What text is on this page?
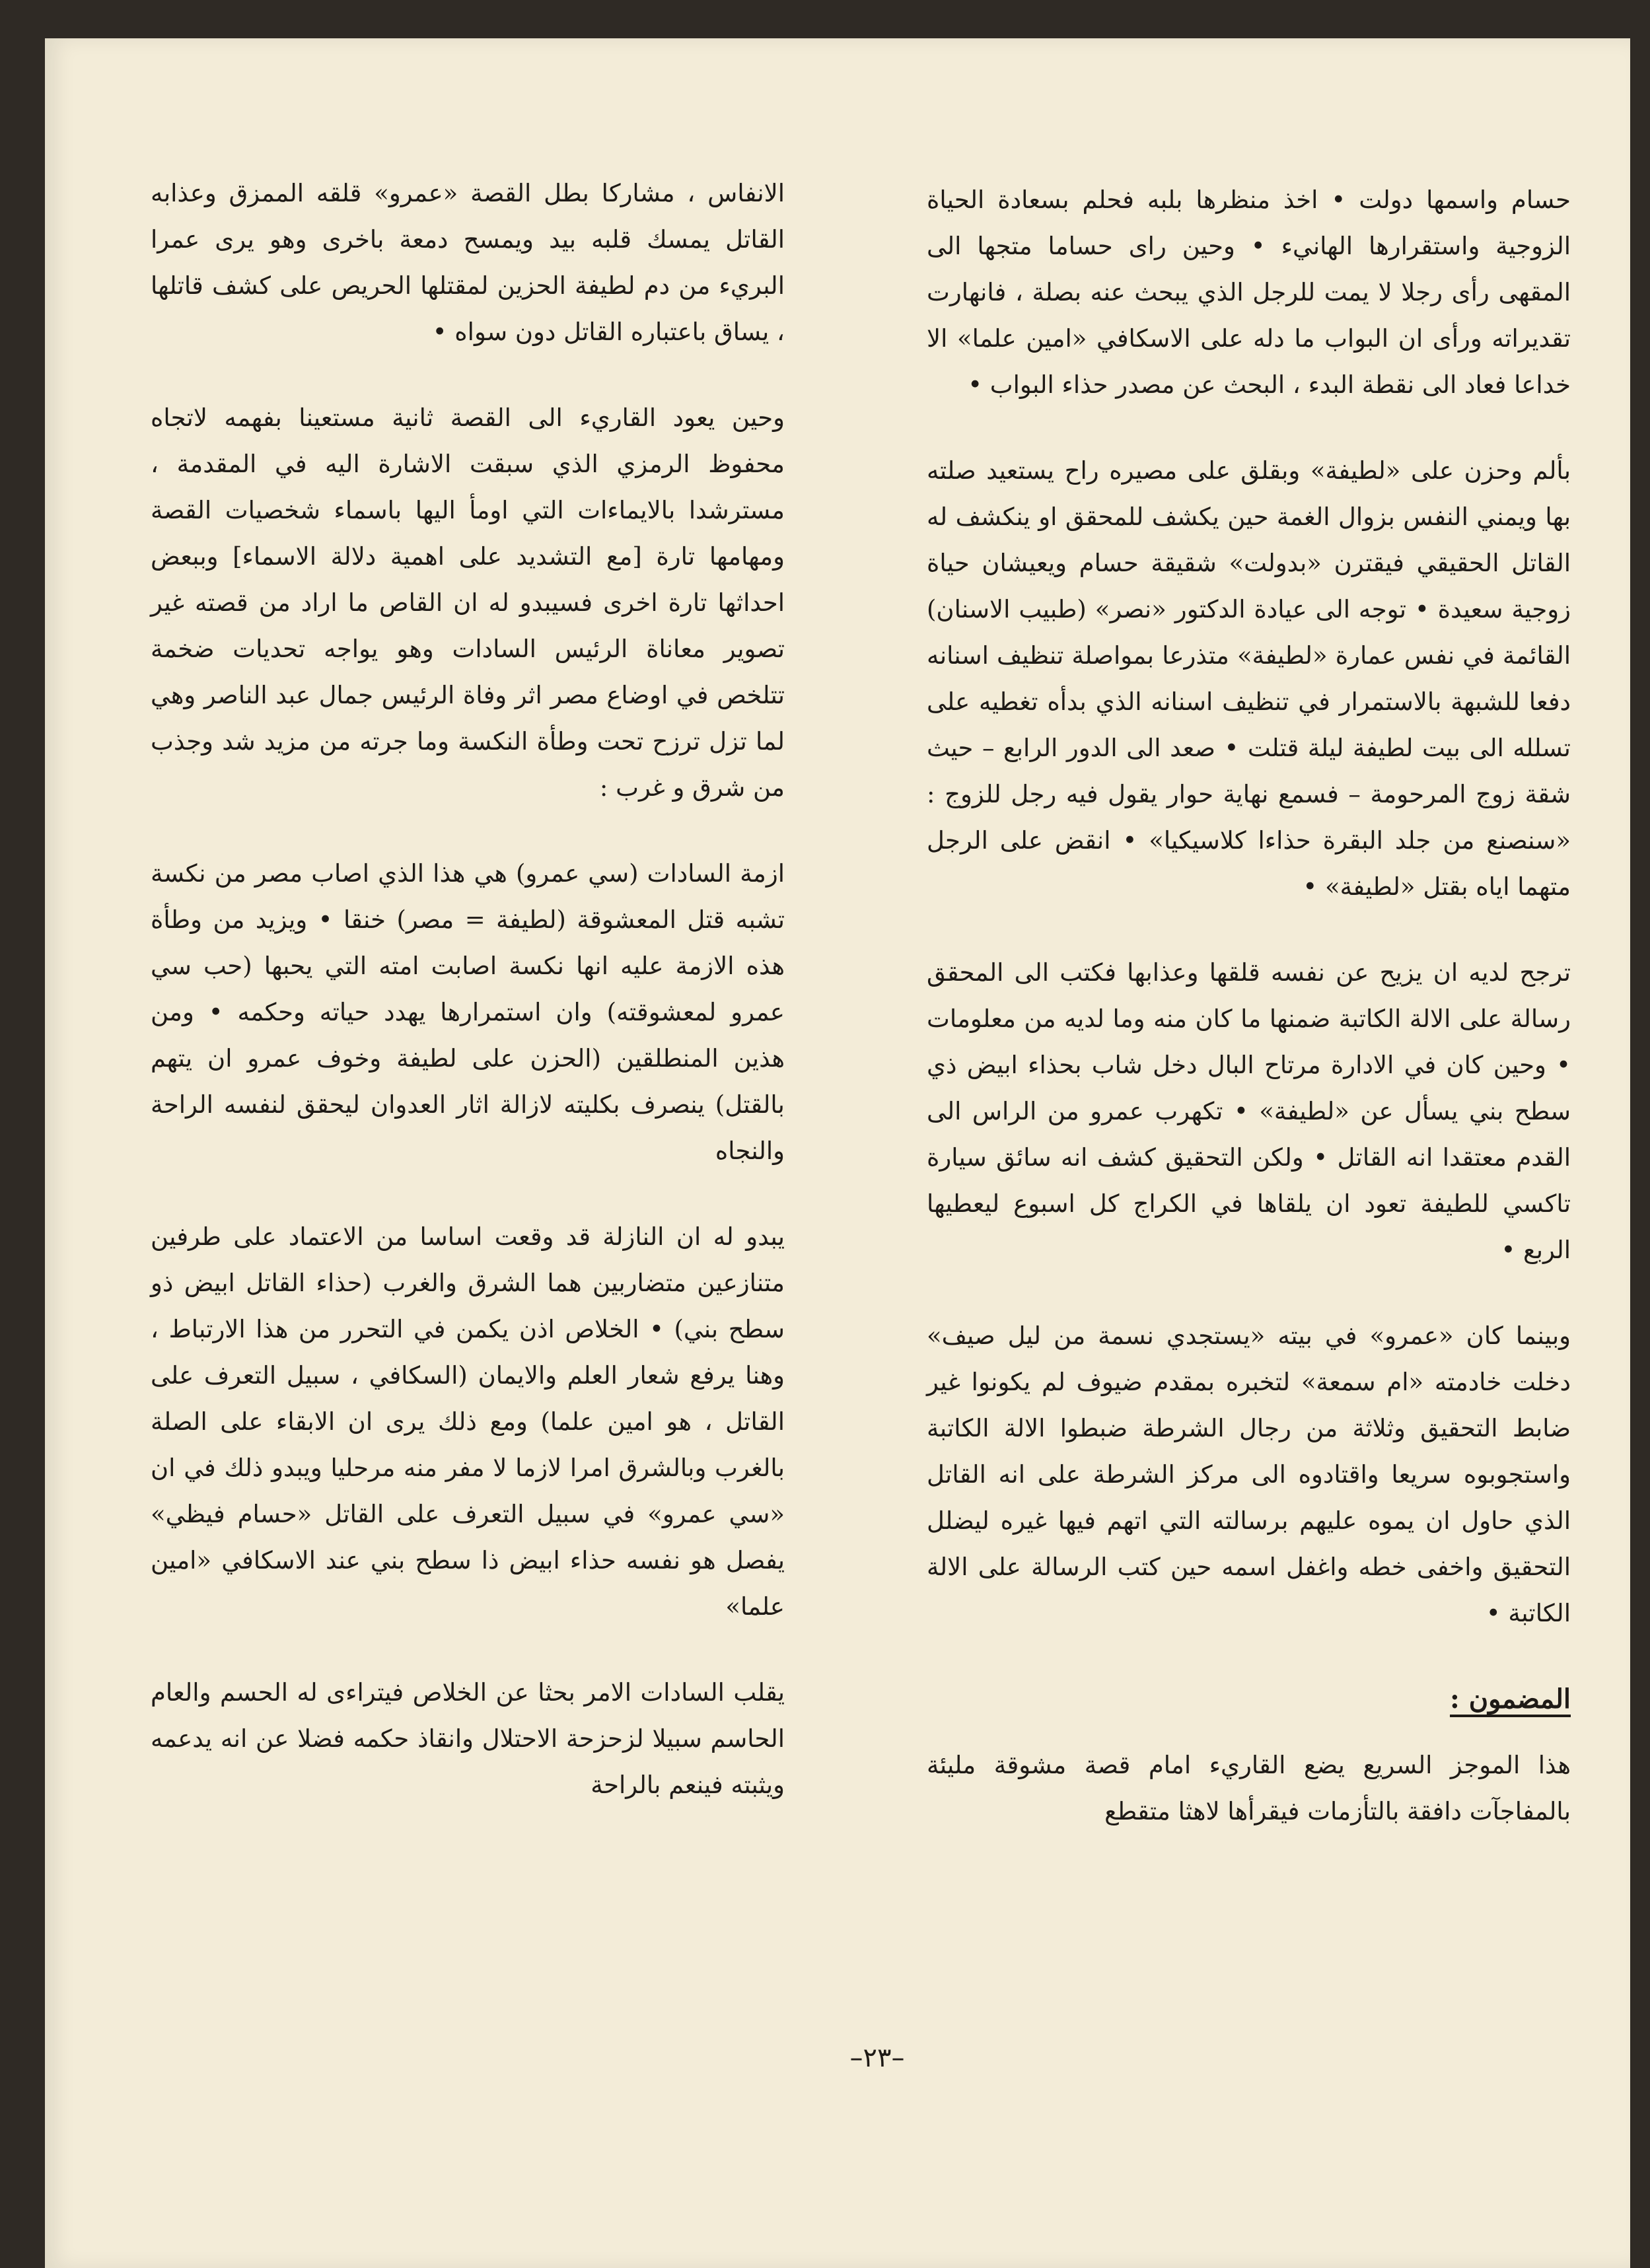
حسام واسمها دولت • اخذ منظرها بلبه فحلم بسعادة الحياة الزوجية واستقرارها الهانيء • وحين راى حساما متجها الى المقهى رأى رجلا لا يمت للرجل الذي يبحث عنه بصلة ، فانهارت تقديراته ورأى ان البواب ما دله على الاسكافي «امين علما» الا خداعا فعاد الى نقطة البدء ، البحث عن مصدر حذاء البواب •

بألم وحزن على «لطيفة» وبقلق على مصيره راح يستعيد صلته بها ويمني النفس بزوال الغمة حين يكشف للمحقق او ينكشف له القاتل الحقيقي فيقترن «بدولت» شقيقة حسام ويعيشان حياة زوجية سعيدة • توجه الى عيادة الدكتور «نصر» (طبيب الاسنان) القائمة في نفس عمارة «لطيفة» متذرعا بمواصلة تنظيف اسنانه دفعا للشبهة بالاستمرار في تنظيف اسنانه الذي بدأه تغطيه على تسلله الى بيت لطيفة ليلة قتلت • صعد الى الدور الرابع – حيث شقة زوج المرحومة – فسمع نهاية حوار يقول فيه رجل للزوج : «سنصنع من جلد البقرة حذاءا كلاسيكيا» • انقض على الرجل متهما اياه بقتل «لطيفة» •

ترجح لديه ان يزيح عن نفسه قلقها وعذابها فكتب الى المحقق رسالة على الالة الكاتبة ضمنها ما كان منه وما لديه من معلومات • وحين كان في الادارة مرتاح البال دخل شاب بحذاء ابيض ذي سطح بني يسأل عن «لطيفة» • تكهرب عمرو من الراس الى القدم معتقدا انه القاتل • ولكن التحقيق كشف انه سائق سيارة تاكسي للطيفة تعود ان يلقاها في الكراج كل اسبوع ليعطيها الربع •

وبينما كان «عمرو» في بيته «يستجدي نسمة من ليل صيف» دخلت خادمته «ام سمعة» لتخبره بمقدم ضيوف لم يكونوا غير ضابط التحقيق وثلاثة من رجال الشرطة ضبطوا الالة الكاتبة واستجوبوه سريعا واقتادوه الى مركز الشرطة على انه القاتل الذي حاول ان يموه عليهم برسالته التي اتهم فيها غيره ليضلل التحقيق واخفى خطه واغفل اسمه حين كتب الرسالة على الالة الكاتبة •

المضمون :

هذا الموجز السريع يضع القاريء امام قصة مشوقة مليئة بالمفاجآت دافقة بالتأزمات فيقرأها لاهثا متقطع

الانفاس ، مشاركا بطل القصة «عمرو» قلقه الممزق وعذابه القاتل يمسك قلبه بيد ويمسح دمعة باخرى وهو يرى عمرا البريء من دم لطيفة الحزين لمقتلها الحريص على كشف قاتلها ، يساق باعتباره القاتل دون سواه •

وحين يعود القاريء الى القصة ثانية مستعينا بفهمه لاتجاه محفوظ الرمزي الذي سبقت الاشارة اليه في المقدمة ، مسترشدا بالايماءات التي اومأ اليها باسماء شخصيات القصة ومهامها تارة [مع التشديد على اهمية دلالة الاسماء] وببعض احداثها تارة اخرى فسيبدو له ان القاص ما اراد من قصته غير تصوير معاناة الرئيس السادات وهو يواجه تحديات ضخمة تتلخص في اوضاع مصر اثر وفاة الرئيس جمال عبد الناصر وهي لما تزل ترزح تحت وطأة النكسة وما جرته من مزيد شد وجذب من شرق و غرب :

ازمة السادات (سي عمرو) هي هذا الذي اصاب مصر من نكسة تشبه قتل المعشوقة (لطيفة = مصر) خنقا • ويزيد من وطأة هذه الازمة عليه انها نكسة اصابت امته التي يحبها (حب سي عمرو لمعشوقته) وان استمرارها يهدد حياته وحكمه • ومن هذين المنطلقين (الحزن على لطيفة وخوف عمرو ان يتهم بالقتل) ينصرف بكليته لازالة اثار العدوان ليحقق لنفسه الراحة والنجاه

يبدو له ان النازلة قد وقعت اساسا من الاعتماد على طرفين متنازعين متضاربين هما الشرق والغرب (حذاء القاتل ابيض ذو سطح بني) • الخلاص اذن يكمن في التحرر من هذا الارتباط ، وهنا يرفع شعار العلم والايمان (السكافي ، سبيل التعرف على القاتل ، هو امين علما) ومع ذلك يرى ان الابقاء على الصلة بالغرب وبالشرق امرا لازما لا مفر منه مرحليا ويبدو ذلك في ان «سي عمرو» في سبيل التعرف على القاتل «حسام فيظي» يفصل هو نفسه حذاء ابيض ذا سطح بني عند الاسكافي «امين علما»

يقلب السادات الامر بحثا عن الخلاص فيتراءى له الحسم والعام الحاسم سبيلا لزحزحة الاحتلال وانقاذ حكمه فضلا عن انه يدعمه ويثبته فينعم بالراحة

–٢٣–
